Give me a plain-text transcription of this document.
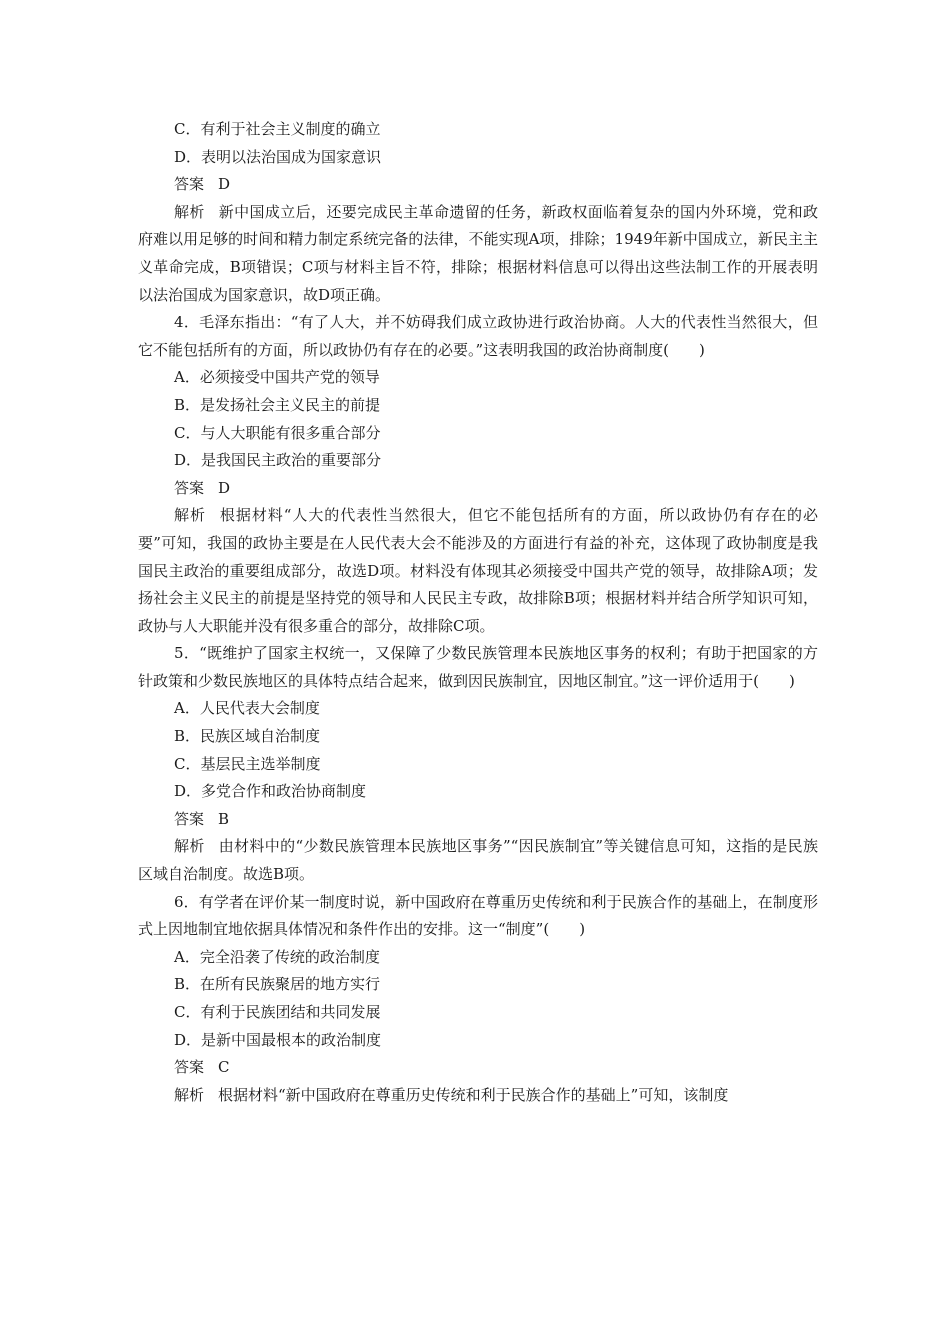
C．有利于社会主义制度的确立

D．表明以法治国成为国家意识

答案 D

解析 新中国成立后，还要完成民主革命遗留的任务，新政权面临着复杂的国内外环境，党和政府难以用足够的时间和精力制定系统完备的法律，不能实现A项，排除；1949年新中国成立，新民主主义革命完成，B项错误；C项与材料主旨不符，排除；根据材料信息可以得出这些法制工作的开展表明以法治国成为国家意识，故D项正确。

4．毛泽东指出：“有了人大，并不妨碍我们成立政协进行政治协商。人大的代表性当然很大，但它不能包括所有的方面，所以政协仍有存在的必要。”这表明我国的政治协商制度(　　)

A．必须接受中国共产党的领导

B．是发扬社会主义民主的前提

C．与人大职能有很多重合部分

D．是我国民主政治的重要部分

答案 D

解析 根据材料“人大的代表性当然很大，但它不能包括所有的方面，所以政协仍有存在的必要”可知，我国的政协主要是在人民代表大会不能涉及的方面进行有益的补充，这体现了政协制度是我国民主政治的重要组成部分，故选D项。材料没有体现其必须接受中国共产党的领导，故排除A项；发扬社会主义民主的前提是坚持党的领导和人民民主专政，故排除B项；根据材料并结合所学知识可知，政协与人大职能并没有很多重合的部分，故排除C项。

5．“既维护了国家主权统一，又保障了少数民族管理本民族地区事务的权利；有助于把国家的方针政策和少数民族地区的具体特点结合起来，做到因民族制宜，因地区制宜。”这一评价适用于(　　)

A．人民代表大会制度

B．民族区域自治制度

C．基层民主选举制度

D．多党合作和政治协商制度

答案 B

解析 由材料中的“少数民族管理本民族地区事务”“因民族制宜”等关键信息可知，这指的是民族区域自治制度。故选B项。

6．有学者在评价某一制度时说，新中国政府在尊重历史传统和利于民族合作的基础上，在制度形式上因地制宜地依据具体情况和条件作出的安排。这一“制度”(　　)

A．完全沿袭了传统的政治制度

B．在所有民族聚居的地方实行

C．有利于民族团结和共同发展

D．是新中国最根本的政治制度

答案 C

解析 根据材料“新中国政府在尊重历史传统和利于民族合作的基础上”可知，该制度
